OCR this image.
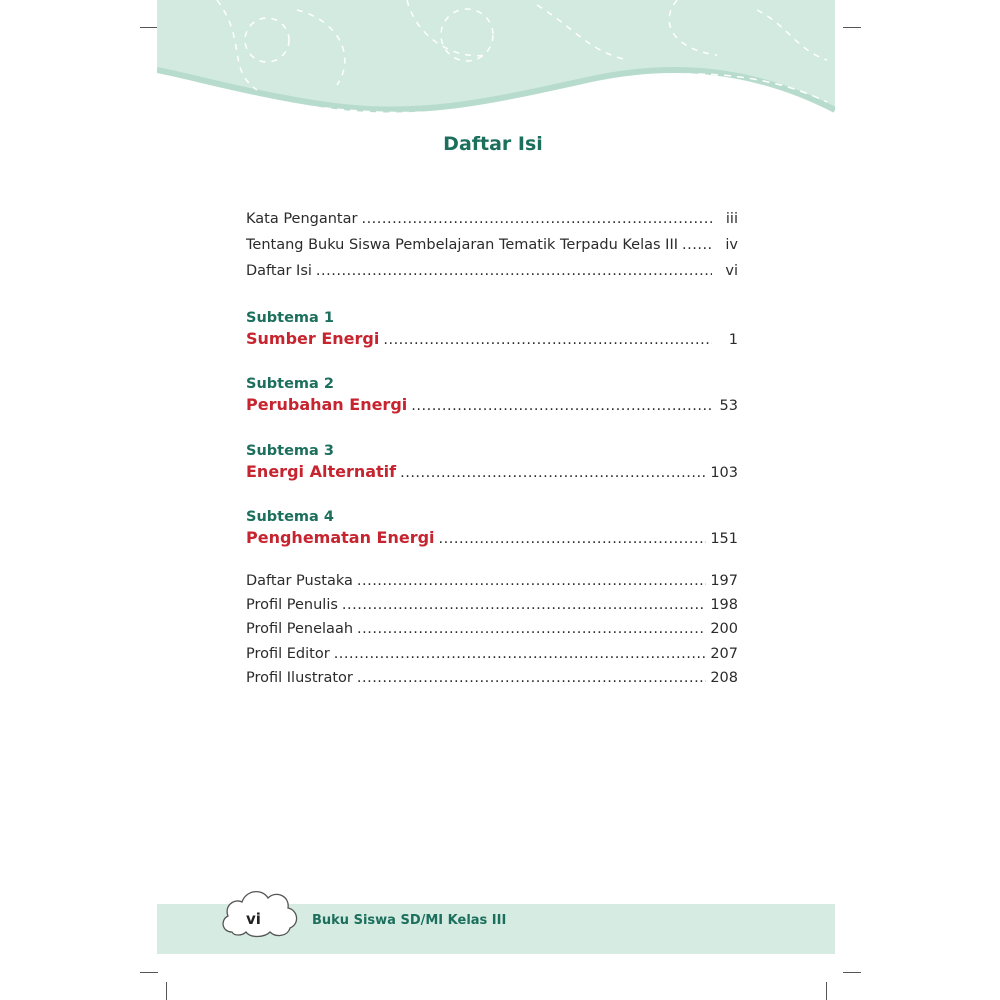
Daftar Isi
Kata Pengantar .....	iii
Tentang Buku Siswa Pembelajaran Tematik Terpadu Kelas III .....	iv
Daftar Isi .....	vi
Subtema 1
Sumber Energi .....	1
Subtema 2
Perubahan Energi .....	53
Subtema 3
Energi Alternatif .....	103
Subtema 4
Penghematan Energi .....	151
Daftar Pustaka .....	197
Profil Penulis .....	198
Profil Penelaah .....	200
Profil Editor .....	207
Profil Ilustrator .....	208
vi	Buku Siswa SD/MI Kelas III
